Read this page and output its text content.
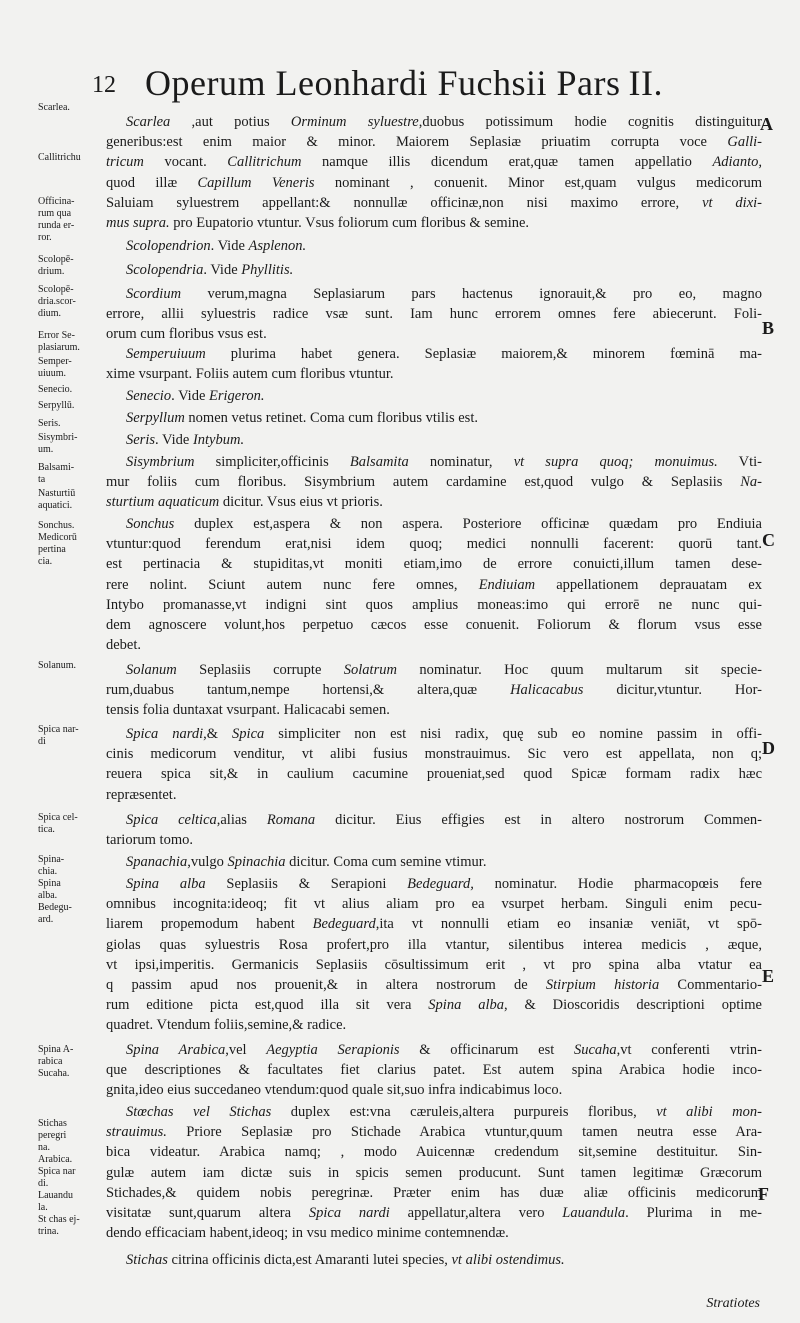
12 Operum Leonhardi Fuchsii Pars II.
Scarlea.
Callitrichu
Officina-
rum qua
runda er-
ror.
Scolopē-
drium.
Scolopē-
dria.scor-
dium.
Error Se-
plasiarum.
Semper-
uiuum.
Senecio.
Serpyllū.
Seris.
Sisymbri-
um.
Balsami-
ta
Nasturtiū
aquatici.
Sonchus.
Medicorū
pertina
cia.
Solanum.
Spica nar-
di
Spica cel-
tica.
Spina-
chia.
Spina
alba.
Bedegu-
ard.
Spina A-
rabica
Sucaha.
Stichas
peregri
na.
Arabica.
Spica nar
di.
Lauandu
la.
St chas ej-
trina.
Scarlea ,aut potius Orminum syluestre,duobus potissimum hodie cognitis distinguitur
generibus:est enim maior & minor. Maiorem Seplasiæ priuatim corrupta voce Galli-
tricum vocant. Callitrichum namque illis dicendum erat,quæ tamen appellatio Adianto,
quod illæ Capillum Veneris nominant , conuenit. Minor est,quam vulgus medicorum
Saluiam syluestrem appellant:& nonnullæ officinæ,non nisi maximo errore, vt dixi-
mus supra. pro Eupatorio vtuntur. Vsus foliorum cum floribus & semine.
Scolopendrion. Vide Asplenon.
Scolopendria. Vide Phyllitis.
Scordium verum,magna Seplasiarum pars hactenus ignorauit,& pro eo, magno
errore, allii syluestris radice vsæ sunt. Iam hunc errorem omnes fere abiecerunt. Foli-
orum cum floribus vsus est.
Semperuiuum plurima habet genera. Seplasiæ maiorem,& minorem fœminā ma-
xime vsurpant. Foliis autem cum floribus vtuntur.
Senecio. Vide Erigeron.
Serpyllum nomen vetus retinet. Coma cum floribus vtilis est.
Seris. Vide Intybum.
Sisymbrium simpliciter,officinis Balsamita nominatur, vt supra quoq; monuimus. Vti-
mur foliis cum floribus. Sisymbrium autem cardamine est,quod vulgo & Seplasiis Na-
sturtium aquaticum dicitur. Vsus eius vt prioris.
Sonchus duplex est,aspera & non aspera. Posteriore officinæ quædam pro Endiuia
vtuntur:quod ferendum erat,nisi idem quoq; medici nonnulli facerent: quorū tant.
est pertinacia & stupiditas,vt moniti etiam,imo de errore conuicti,illum tamen dese-
rere nolint. Sciunt autem nunc fere omnes, Endiuiam appellationem deprauatam ex
Intybo promanasse,vt indigni sint quos amplius moneas:imo qui errorē ne nunc qui-
dem agnoscere volunt,hos perpetuo cæcos esse conuenit. Foliorum & florum vsus esse
debet.
Solanum Seplasiis corrupte Solatrum nominatur. Hoc quum multarum sit specie-
rum,duabus tantum,nempe hortensi,& altera,quæ Halicacabus dicitur,vtuntur. Hor-
tensis folia duntaxat vsurpant. Halicacabi semen.
Spica nardi,& Spica simpliciter non est nisi radix, quę sub eo nomine passim in offi-
cinis medicorum venditur, vt alibi fusius monstrauimus. Sic vero est appellata, non q;
reuera spica sit,& in caulium cacumine proueniat,sed quod Spicæ formam radix hæc
repræsentet.
Spica celtica,alias Romana dicitur. Eius effigies est in altero nostrorum Commen-
tariorum tomo.
Spanachia,vulgo Spinachia dicitur. Coma cum semine vtimur.
Spina alba Seplasiis & Serapioni Bedeguard, nominatur. Hodie pharmacopœis fere
omnibus incognita:ideoq; fit vt alius aliam pro ea vsurpet herbam. Singuli enim pecu-
liarem propemodum habent Bedeguard,ita vt nonnulli etiam eo insaniæ veniāt, vt spō-
giolas quas syluestris Rosa profert,pro illa vtantur, silentibus interea medicis , æque,
vt ipsi,imperitis. Germanicis Seplasiis cōsultissimum erit , vt pro spina alba vtatur ea
q passim apud nos prouenit,& in altera nostrorum de Stirpium historia Commentario-
rum editione picta est,quod illa sit vera Spina alba, & Dioscoridis descriptioni optime
quadret. Vtendum foliis,semine,& radice.
Spina Arabica,vel Aegyptia Serapionis & officinarum est Sucaha,vt conferenti vtrin-
que descriptiones & facultates fiet clarius patet. Est autem spina Arabica hodie inco-
gnita,ideo eius succedaneo vtendum:quod quale sit,suo infra indicabimus loco.
Stœchas vel Stichas duplex est:vna cæruleis,altera purpureis floribus, vt alibi mon-
strauimus. Priore Seplasiæ pro Stichade Arabica vtuntur,quum tamen neutra esse Ara-
bica videatur. Arabica namq; , modo Auicennæ credendum sit,semine destituitur. Sin-
gulæ autem iam dictæ suis in spicis semen producunt. Sunt tamen legitimæ Græcorum
Stichades,& quidem nobis peregrinæ. Præter enim has duæ aliæ officinis medicorum
visitatæ sunt,quarum altera Spica nardi appellatur,altera vero Lauandula. Plurima in me-
dendo efficaciam habent,ideoq; in vsu medico minime contemnendæ.
Stichas citrina officinis dicta,est Amaranti lutei species, vt alibi ostendimus.
A
B
C
D
E
F
Stratiotes
